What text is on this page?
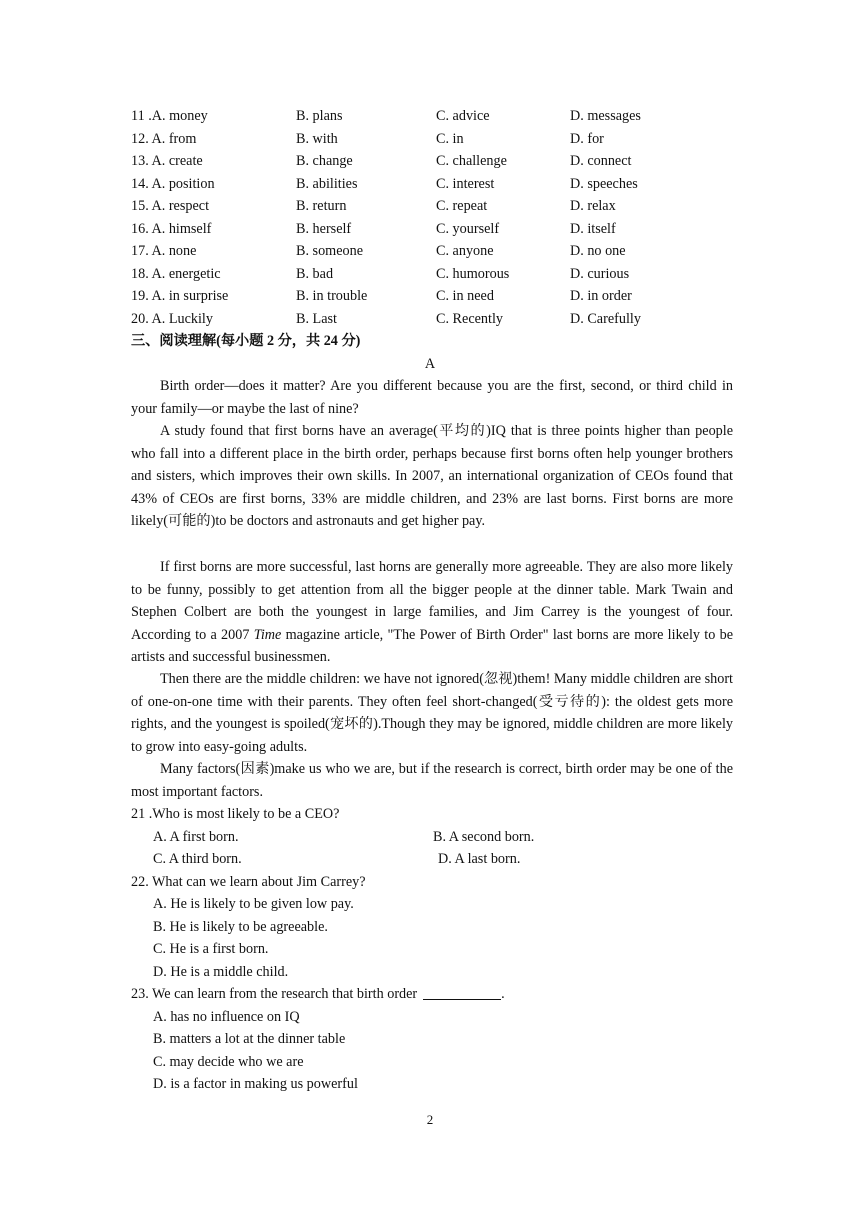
11 .A. money	B. plans	C. advice	D. messages
12. A. from	B. with	C. in	D. for
13. A. create	B. change	C. challenge	D. connect
14. A. position	B. abilities	C. interest	D. speeches
15. A. respect	B. return	C. repeat	D. relax
16. A. himself	B. herself	C. yourself	D. itself
17. A. none	B. someone	C. anyone	D. no one
18. A. energetic	B. bad	C. humorous	D. curious
19. A. in surprise	B. in trouble	C. in need	D. in order
20. A. Luckily	B. Last	C. Recently	D. Carefully
三、阅读理解(每小题 2 分，共 24 分)
A

Birth order—does it matter? Are you different because you are the first, second, or third child in your family—or maybe the last of nine?

A study found that first borns have an average(平均的)IQ that is three points higher than people who fall into a different place in the birth order, perhaps because first borns often help younger brothers and sisters, which improves their own skills. In 2007, an international organization of CEOs found that 43% of CEOs are first borns, 33% are middle children, and 23% are last borns. First borns are more likely(可能的)to be doctors and astronauts and get higher pay.

If first borns are more successful, last horns are generally more agreeable. They are also more likely to be funny, possibly to get attention from all the bigger people at the dinner table. Mark Twain and Stephen Colbert are both the youngest in large families, and Jim Carrey is the youngest of four. According to a 2007 Time magazine article, "The Power of Birth Order" last borns are more likely to be artists and successful businessmen.

Then there are the middle children: we have not ignored(忽视)them! Many middle children are short of one-on-one time with their parents. They often feel short-changed(受亏待的): the oldest gets more rights, and the youngest is spoiled(宠坏的).Though they may be ignored, middle children are more likely to grow into easy-going adults.

Many factors(因素)make us who we are, but if the research is correct, birth order may be one of the most important factors.

21 .Who is most likely to be a CEO?
A. A first born.	B. A second born.
C. A third born.	D. A last born.
22. What can we learn about Jim Carrey?
A. He is likely to be given low pay.
B. He is likely to be agreeable.
C. He is a first born.
D. He is a middle child.
23. We can learn from the research that birth order	.
A. has no influence on IQ
B. matters a lot at the dinner table
C. may decide who we are
D. is a factor in making us powerful
2
